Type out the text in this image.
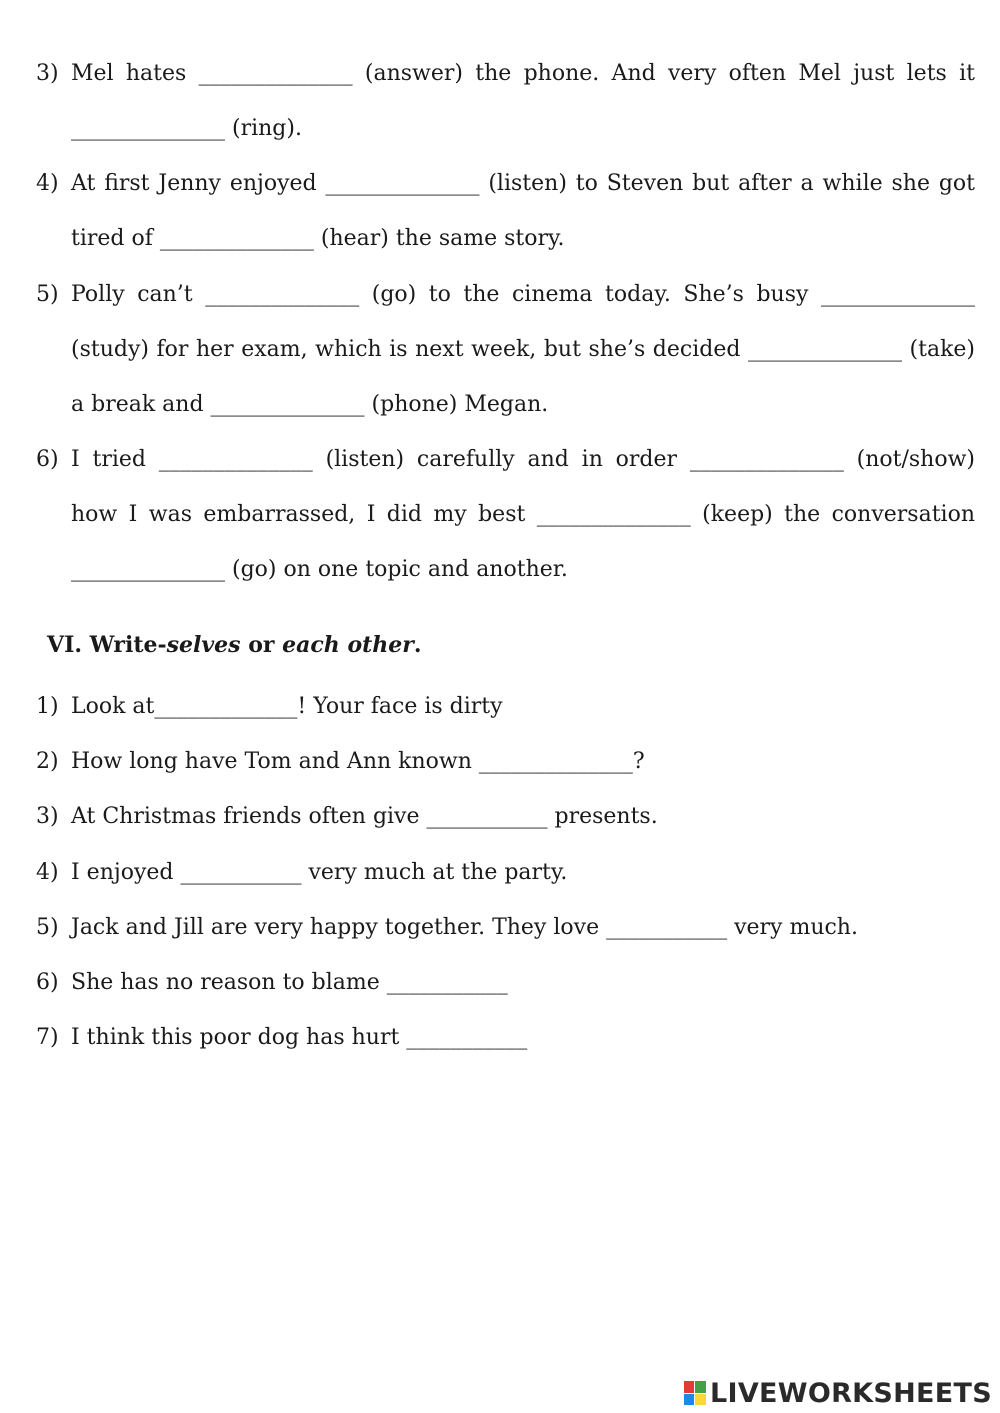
3) Mel hates ______________ (answer) the phone. And very often Mel just lets it
______________ (ring).
4) At first Jenny enjoyed ______________ (listen) to Steven but after a while she got
tired of ______________ (hear) the same story.
5) Polly can’t ______________ (go) to the cinema today. She’s busy ______________
(study) for her exam, which is next week, but she’s decided ______________ (take)
a break and ______________ (phone) Megan.
6) I tried ______________ (listen) carefully and in order ______________ (not/show)
how I was embarrassed, I did my best ______________ (keep) the conversation
______________ (go) on one topic and another.
VI. Write-selves or each other.
1) Look at_____________! Your face is dirty
2) How long have Tom and Ann known ______________?
3) At Christmas friends often give ___________ presents.
4) I enjoyed ___________ very much at the party.
5) Jack and Jill are very happy together. They love ___________ very much.
6) She has no reason to blame ___________
7) I think this poor dog has hurt ___________
LIVEWORKSHEETS
